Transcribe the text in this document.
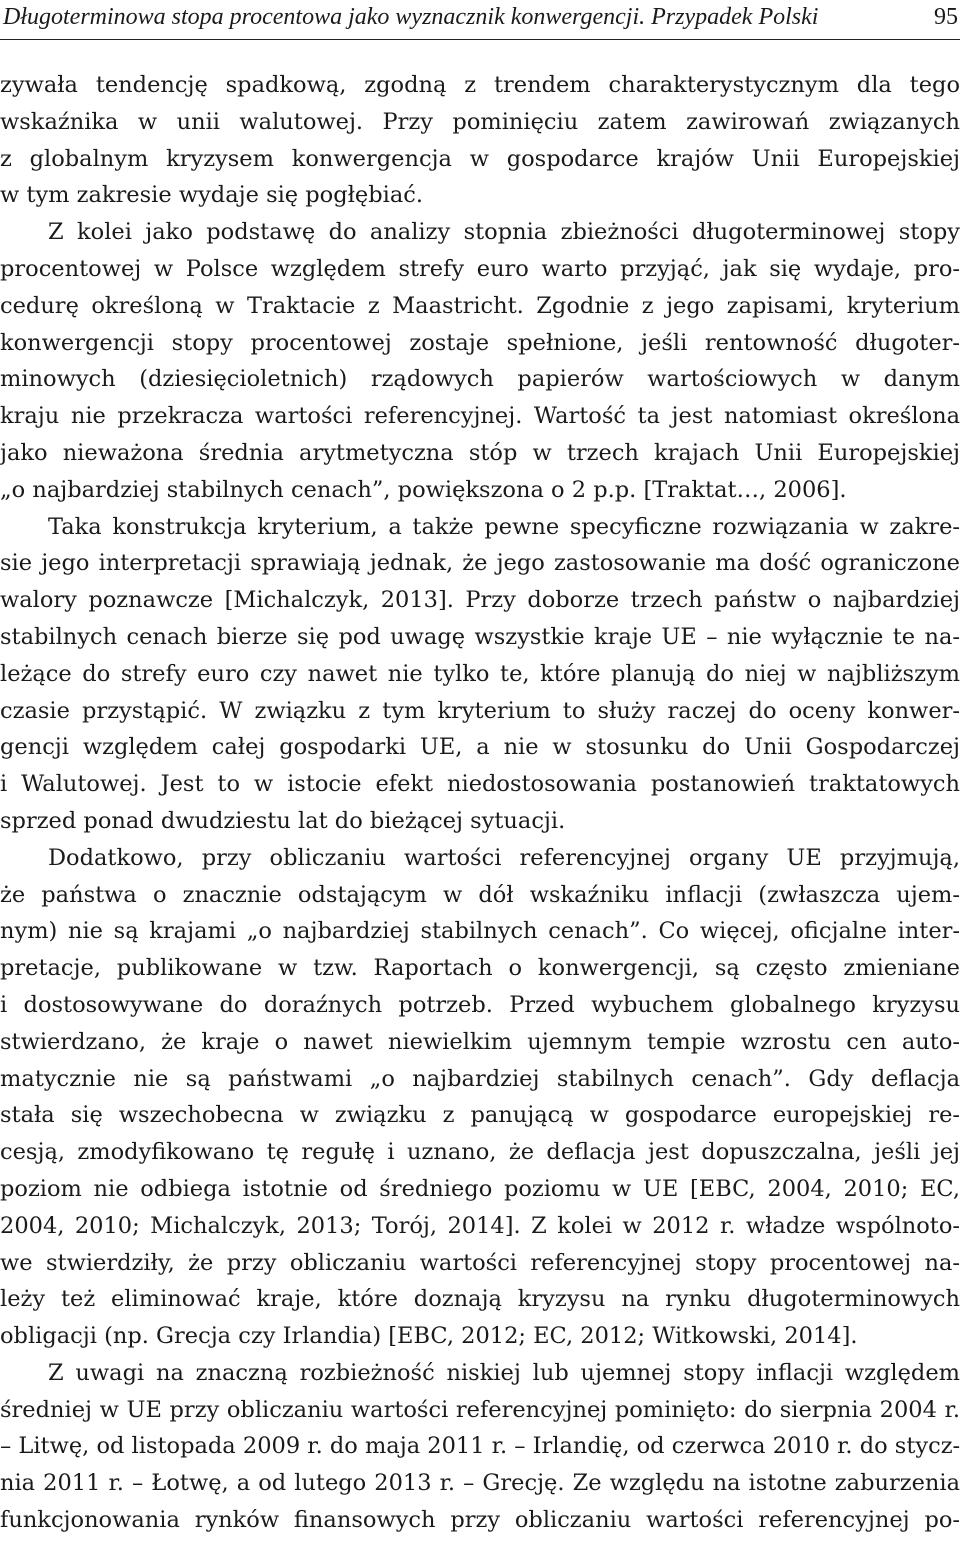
Długoterminowa stopa procentowa jako wyznacznik konwergencji. Przypadek Polski	95
zywała tendencję spadkową, zgodną z trendem charakterystycznym dla tego
wskaźnika w unii walutowej. Przy pominięciu zatem zawirowań związanych
z globalnym kryzysem konwergencja w gospodarce krajów Unii Europejskiej
w tym zakresie wydaje się pogłębiać.
Z kolei jako podstawę do analizy stopnia zbieżności długoterminowej stopy
procentowej w Polsce względem strefy euro warto przyjąć, jak się wydaje, pro-
cedurę określoną w Traktacie z Maastricht. Zgodnie z jego zapisami, kryterium
konwergencji stopy procentowej zostaje spełnione, jeśli rentowność długoter-
minowych (dziesięcioletnich) rządowych papierów wartościowych w danym
kraju nie przekracza wartości referencyjnej. Wartość ta jest natomiast określona
jako nieważona średnia arytmetyczna stóp w trzech krajach Unii Europejskiej
„o najbardziej stabilnych cenach”, powiększona o 2 p.p. [Traktat…, 2006].
Taka konstrukcja kryterium, a także pewne specyficzne rozwiązania w zakre-
sie jego interpretacji sprawiają jednak, że jego zastosowanie ma dość ograniczone
walory poznawcze [Michalczyk, 2013]. Przy doborze trzech państw o najbardziej
stabilnych cenach bierze się pod uwagę wszystkie kraje UE – nie wyłącznie te na-
leżące do strefy euro czy nawet nie tylko te, które planują do niej w najbliższym
czasie przystąpić. W związku z tym kryterium to służy raczej do oceny konwer-
gencji względem całej gospodarki UE, a nie w stosunku do Unii Gospodarczej
i Walutowej. Jest to w istocie efekt niedostosowania postanowień traktatowych
sprzed ponad dwudziestu lat do bieżącej sytuacji.
Dodatkowo, przy obliczaniu wartości referencyjnej organy UE przyjmują,
że państwa o znacznie odstającym w dół wskaźniku inflacji (zwłaszcza ujem-
nym) nie są krajami „o najbardziej stabilnych cenach”. Co więcej, oficjalne inter-
pretacje, publikowane w tzw. Raportach o konwergencji, są często zmieniane
i dostosowywane do doraźnych potrzeb. Przed wybuchem globalnego kryzysu
stwierdzano, że kraje o nawet niewielkim ujemnym tempie wzrostu cen auto-
matycznie nie są państwami „o najbardziej stabilnych cenach”. Gdy deflacja
stała się wszechobecna w związku z panującą w gospodarce europejskiej re-
cesją, zmodyfikowano tę regułę i uznano, że deflacja jest dopuszczalna, jeśli jej
poziom nie odbiega istotnie od średniego poziomu w UE [EBC, 2004, 2010; EC,
2004, 2010; Michalczyk, 2013; Torój, 2014]. Z kolei w 2012 r. władze wspólnoto-
we stwierdziły, że przy obliczaniu wartości referencyjnej stopy procentowej na-
leży też eliminować kraje, które doznają kryzysu na rynku długoterminowych
obligacji (np. Grecja czy Irlandia) [EBC, 2012; EC, 2012; Witkowski, 2014].
Z uwagi na znaczną rozbieżność niskiej lub ujemnej stopy inflacji względem
średniej w UE przy obliczaniu wartości referencyjnej pominięto: do sierpnia 2004 r.
– Litwę, od listopada 2009 r. do maja 2011 r. – Irlandię, od czerwca 2010 r. do stycz-
nia 2011 r. – Łotwę, a od lutego 2013 r. – Grecję. Ze względu na istotne zaburzenia
funkcjonowania rynków finansowych przy obliczaniu wartości referencyjnej po-
